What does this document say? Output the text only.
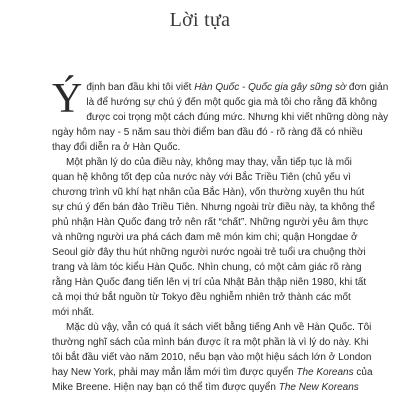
Lời tựa

Ý định ban đầu khi tôi viết Hàn Quốc - Quốc gia gây sững sờ đơn giản
là để hướng sự chú ý đến một quốc gia mà tôi cho rằng đã không
được coi trọng một cách đúng mức. Nhưng khi viết những dòng này
ngày hôm nay - 5 năm sau thời điểm ban đầu đó - rõ ràng đã có nhiều
thay đổi diễn ra ở Hàn Quốc.

Một phần lý do của điều này, không may thay, vẫn tiếp tục là mối
quan hệ không tốt đẹp của nước này với Bắc Triều Tiên (chủ yếu vì
chương trình vũ khí hạt nhân của Bắc Hàn), vốn thường xuyên thu hút
sự chú ý đến bán đảo Triều Tiên. Nhưng ngoài trừ điều này, ta không thể
phủ nhận Hàn Quốc đang trở nên rất “chất”. Những người yêu âm thực
và những người ưa phá cách đam mê món kim chi; quận Hongdae ở
Seoul giờ đây thu hút những người nước ngoài trẻ tuổi ưa chuộng thời
trang và làm tóc kiểu Hàn Quốc. Nhìn chung, có một cảm giác rõ ràng
rằng Hàn Quốc đang tiến lên vị trí của Nhật Bản thập niên 1980, khi tất
cả mọi thứ bắt nguồn từ Tokyo đều nghiễm nhiên trở thành các mốt
mới nhất.

Mặc dù vậy, vẫn có quá ít sách viết bằng tiếng Anh về Hàn Quốc. Tôi
thường nghĩ sách của mình bán được ít ra một phần là vì lý do này. Khi
tôi bắt đầu viết vào năm 2010, nếu bạn vào một hiệu sách lớn ở London
hay New York, phải may mắn lắm mới tìm được quyển The Koreans của
Mike Breene. Hiện nay bạn có thể tìm được quyển The New Koreans
